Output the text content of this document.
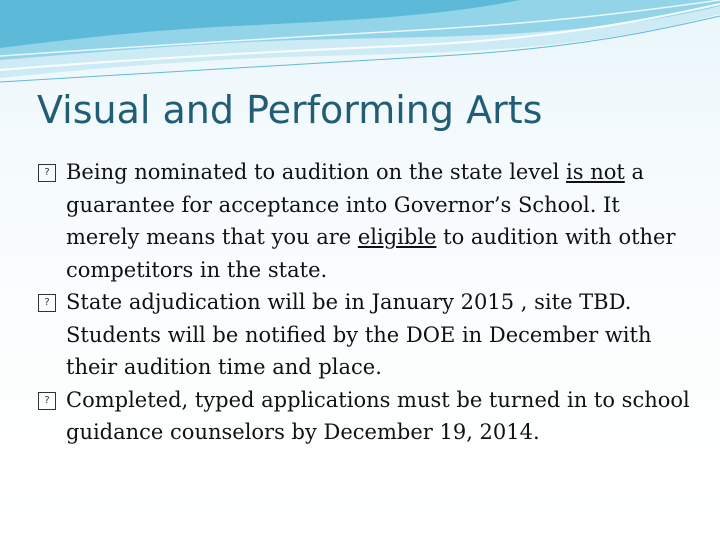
Visual and Performing Arts
? Being nominated to audition on the state level is not a guarantee for acceptance into Governor’s School. It merely means that you are eligible to audition with other competitors in the state.
? State adjudication will be in January 2015 , site TBD. Students will be notified by the DOE in December with their audition time and place.
? Completed, typed applications must be turned in to school guidance counselors by December 19, 2014.
